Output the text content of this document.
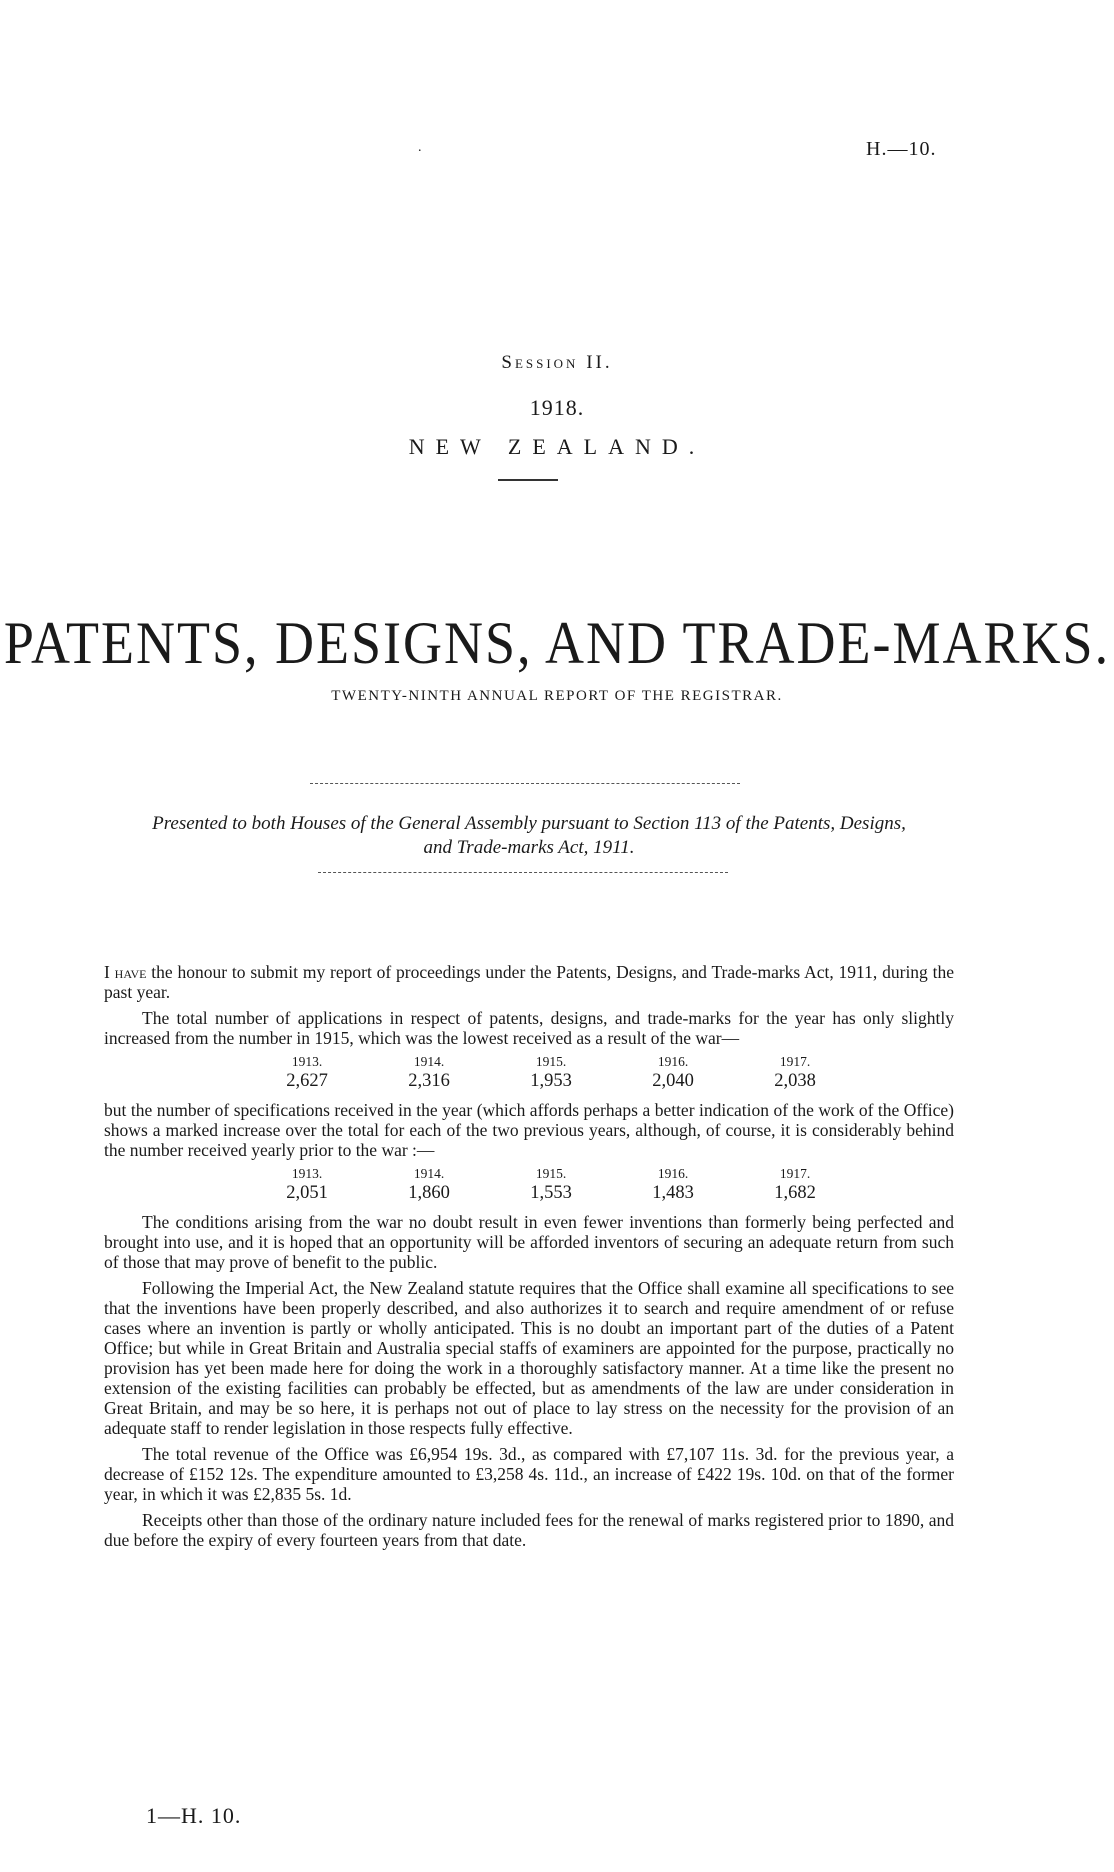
.	H.—10.
Session II.
1918.
NEW ZEALAND.
PATENTS, DESIGNS, AND TRADE-MARKS.
TWENTY-NINTH ANNUAL REPORT OF THE REGISTRAR.
Presented to both Houses of the General Assembly pursuant to Section 113 of the Patents, Designs,
and Trade-marks Act, 1911.

I have the honour to submit my report of proceedings under the Patents, Designs, and Trade-marks Act, 1911, during the past year.

The total number of applications in respect of patents, designs, and trade-marks for the year has only slightly increased from the number in 1915, which was the lowest received as a result of the war—

1913.	1914.	1915.	1916.	1917.
2,627	2,316	1,953	2,040	2,038

but the number of specifications received in the year (which affords perhaps a better indication of the work of the Office) shows a marked increase over the total for each of the two previous years, although, of course, it is considerably behind the number received yearly prior to the war :—

1913.	1914.	1915.	1916.	1917.
2,051	1,860	1,553	1,483	1,682

The conditions arising from the war no doubt result in even fewer inventions than formerly being perfected and brought into use, and it is hoped that an opportunity will be afforded inventors of securing an adequate return from such of those that may prove of benefit to the public.

Following the Imperial Act, the New Zealand statute requires that the Office shall examine all specifications to see that the inventions have been properly described, and also authorizes it to search and require amendment of or refuse cases where an invention is partly or wholly anticipated. This is no doubt an important part of the duties of a Patent Office; but while in Great Britain and Australia special staffs of examiners are appointed for the purpose, practically no provision has yet been made here for doing the work in a thoroughly satisfactory manner. At a time like the present no extension of the existing facilities can probably be effected, but as amendments of the law are under consideration in Great Britain, and may be so here, it is perhaps not out of place to lay stress on the necessity for the provision of an adequate staff to render legislation in those respects fully effective.

The total revenue of the Office was £6,954 19s. 3d., as compared with £7,107 11s. 3d. for the previous year, a decrease of £152 12s. The expenditure amounted to £3,258 4s. 11d., an increase of £422 19s. 10d. on that of the former year, in which it was £2,835 5s. 1d.

Receipts other than those of the ordinary nature included fees for the renewal of marks registered prior to 1890, and due before the expiry of every fourteen years from that date.

1—H. 10.
